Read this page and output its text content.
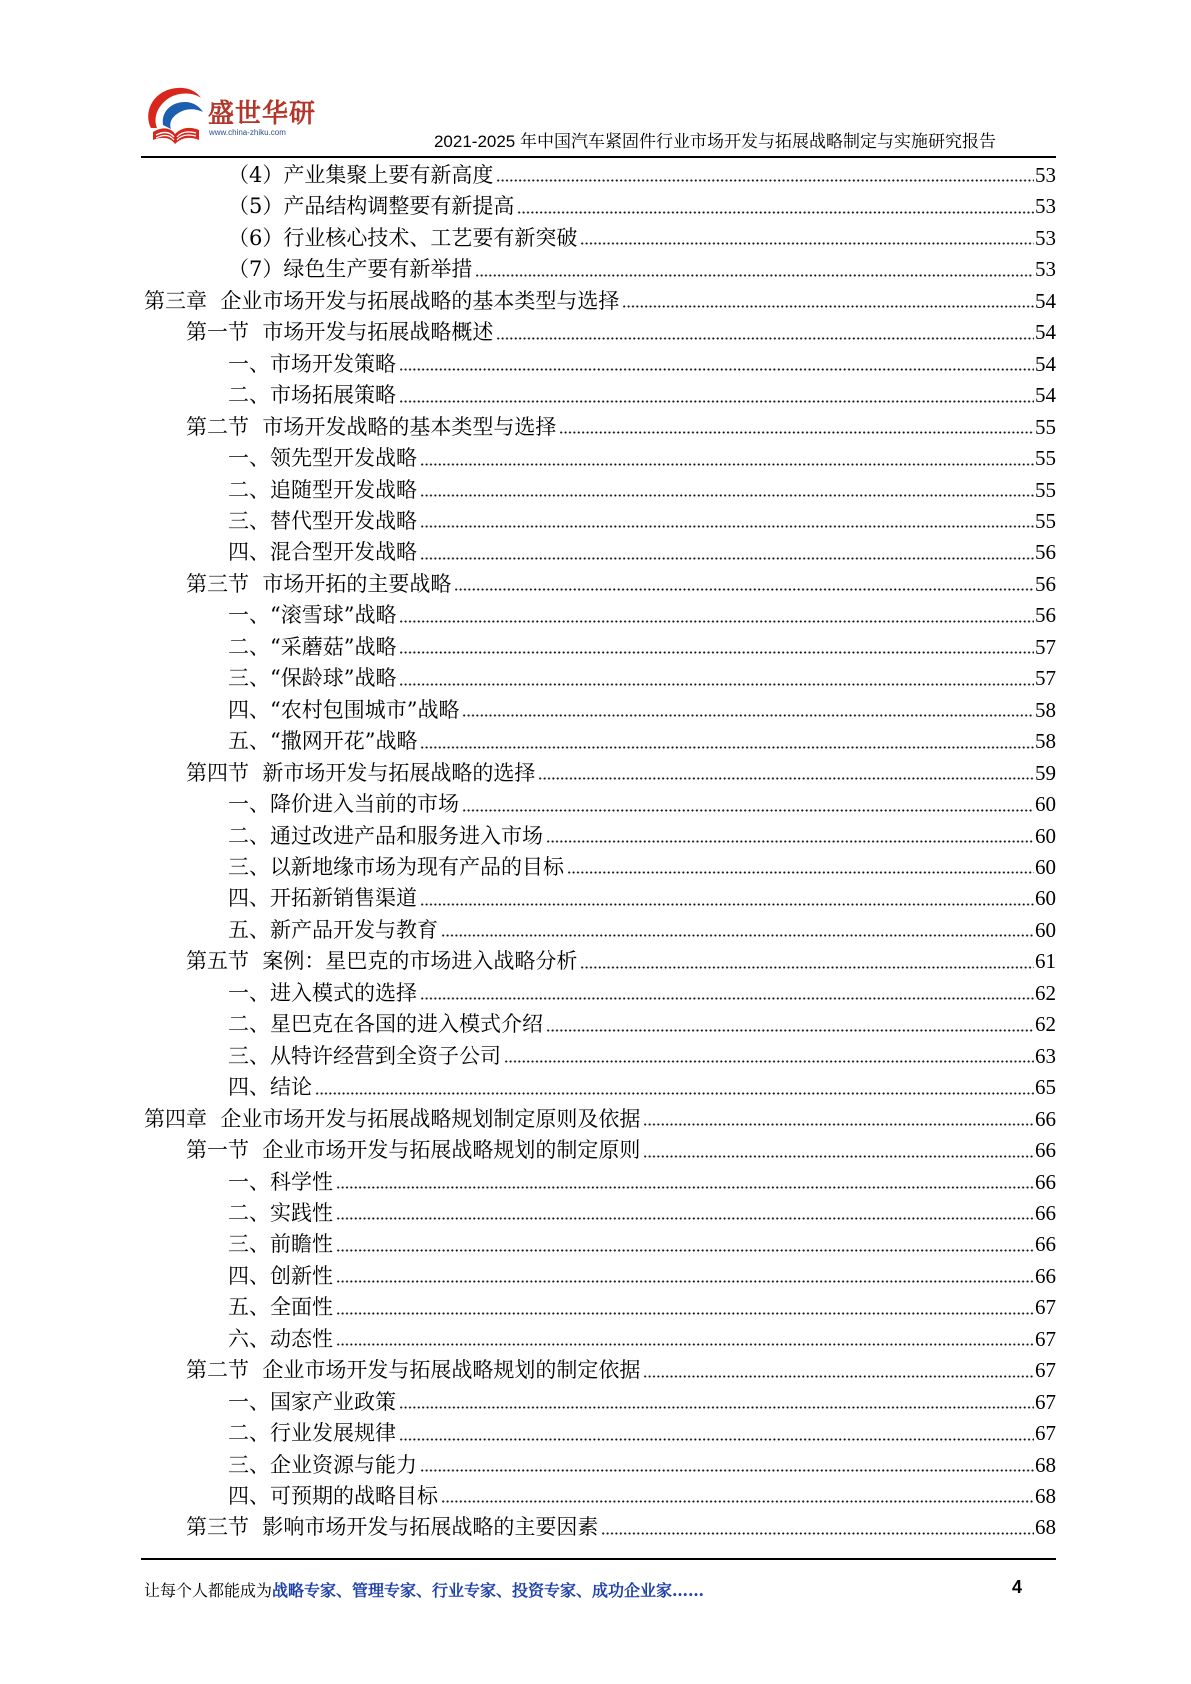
盛世华研
www.china-zhiku.com	2021-2025 年中国汽车紧固件行业市场开发与拓展战略制定与实施研究报告
（4）产业集聚上要有新高度	53
（5）产品结构调整要有新提高	53
（6）行业核心技术、工艺要有新突破	53
（7）绿色生产要有新举措	53
第三章  企业市场开发与拓展战略的基本类型与选择	54
第一节  市场开发与拓展战略概述	54
一、市场开发策略	54
二、市场拓展策略	54
第二节  市场开发战略的基本类型与选择	55
一、领先型开发战略	55
二、追随型开发战略	55
三、替代型开发战略	55
四、混合型开发战略	56
第三节  市场开拓的主要战略	56
一、“滚雪球”战略	56
二、“采蘑菇”战略	57
三、“保龄球”战略	57
四、“农村包围城市”战略	58
五、“撒网开花”战略	58
第四节  新市场开发与拓展战略的选择	59
一、降价进入当前的市场	60
二、通过改进产品和服务进入市场	60
三、以新地缘市场为现有产品的目标	60
四、开拓新销售渠道	60
五、新产品开发与教育	60
第五节  案例：星巴克的市场进入战略分析	61
一、进入模式的选择	62
二、星巴克在各国的进入模式介绍	62
三、从特许经营到全资子公司	63
四、结论	65
第四章  企业市场开发与拓展战略规划制定原则及依据	66
第一节  企业市场开发与拓展战略规划的制定原则	66
一、科学性	66
二、实践性	66
三、前瞻性	66
四、创新性	66
五、全面性	67
六、动态性	67
第二节  企业市场开发与拓展战略规划的制定依据	67
一、国家产业政策	67
二、行业发展规律	67
三、企业资源与能力	68
四、可预期的战略目标	68
第三节  影响市场开发与拓展战略的主要因素	68
让每个人都能成为战略专家、管理专家、行业专家、投资专家、成功企业家……	4
